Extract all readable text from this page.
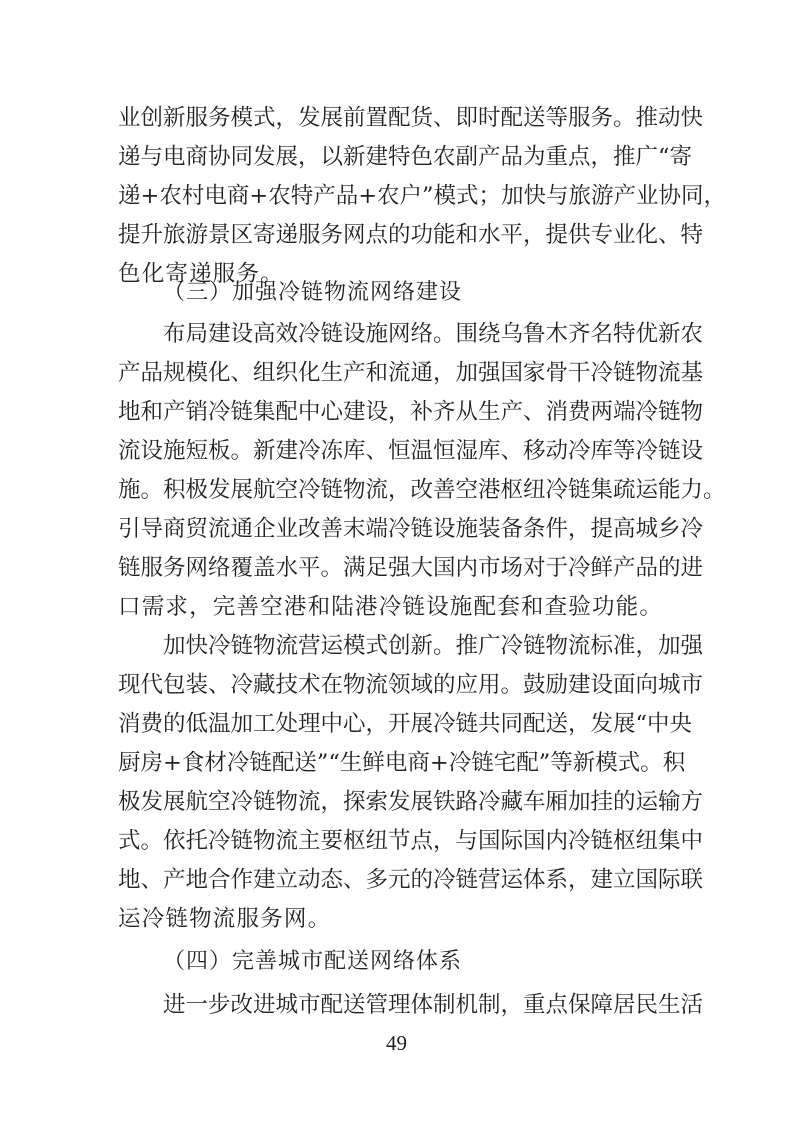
业创新服务模式，发展前置配货、即时配送等服务。推动快
递与电商协同发展，以新建特色农副产品为重点，推广“寄
递+农村电商+农特产品+农户”模式；加快与旅游产业协同，
提升旅游景区寄递服务网点的功能和水平，提供专业化、特
色化寄递服务。
（三）加强冷链物流网络建设
布局建设高效冷链设施网络。围绕乌鲁木齐名特优新农
产品规模化、组织化生产和流通，加强国家骨干冷链物流基
地和产销冷链集配中心建设，补齐从生产、消费两端冷链物
流设施短板。新建冷冻库、恒温恒湿库、移动冷库等冷链设
施。积极发展航空冷链物流，改善空港枢纽冷链集疏运能力。
引导商贸流通企业改善末端冷链设施装备条件，提高城乡冷
链服务网络覆盖水平。满足强大国内市场对于冷鲜产品的进
口需求，完善空港和陆港冷链设施配套和查验功能。
加快冷链物流营运模式创新。推广冷链物流标准，加强
现代包装、冷藏技术在物流领域的应用。鼓励建设面向城市
消费的低温加工处理中心，开展冷链共同配送，发展“中央
厨房+食材冷链配送”“生鲜电商+冷链宅配”等新模式。积
极发展航空冷链物流，探索发展铁路冷藏车厢加挂的运输方
式。依托冷链物流主要枢纽节点，与国际国内冷链枢纽集中
地、产地合作建立动态、多元的冷链营运体系，建立国际联
运冷链物流服务网。
（四）完善城市配送网络体系
进一步改进城市配送管理体制机制，重点保障居民生活
49
